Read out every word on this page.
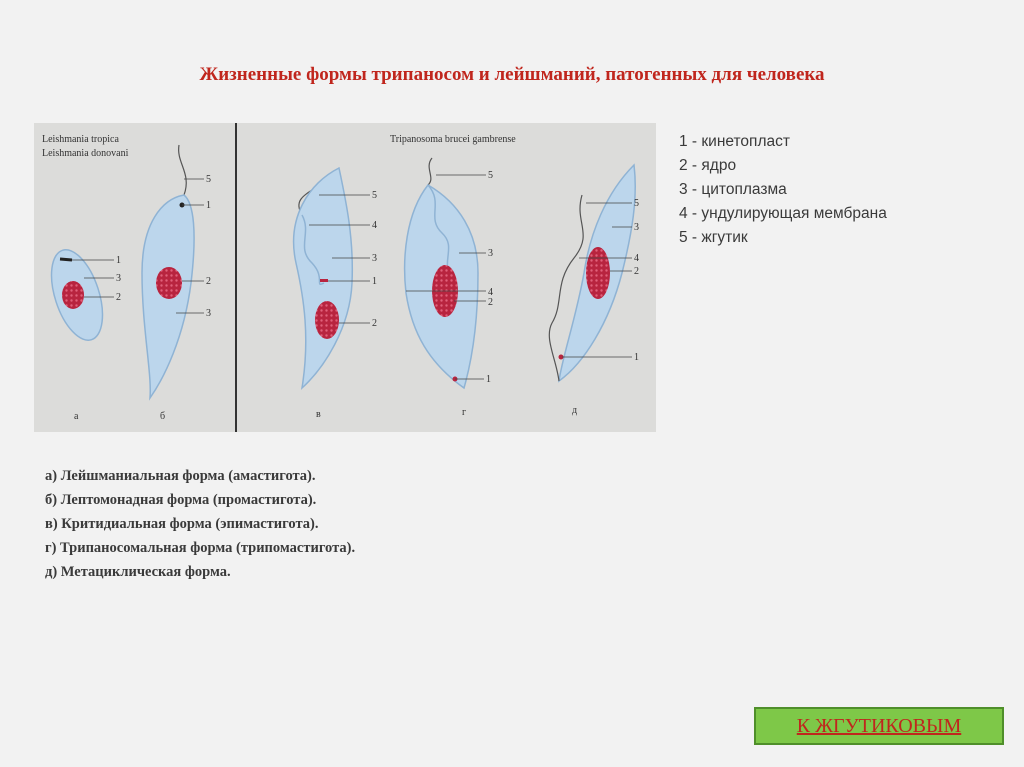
Жизненные формы трипаносом и лейшманий, патогенных для человека
Leishmania tropica
Leishmania donovani
Tripanosoma brucei gambrense
1
3
2
а
5
1
2
3
б
5
4
3
1
2
в
5
3
4
2
1
г
5
3
4
2
1
д
1 - кинетопласт
2 - ядро
3 - цитоплазма
4 - ундулирующая мембрана
5 - жгутик
а) Лейшманиальная форма (амастигота).
б) Лептомонадная форма (промастигота).
в) Критидиальная форма (эпимастигота).
г) Трипаносомальная форма (трипомастигота).
д) Метациклическая форма.
К ЖГУТИКОВЫМ
